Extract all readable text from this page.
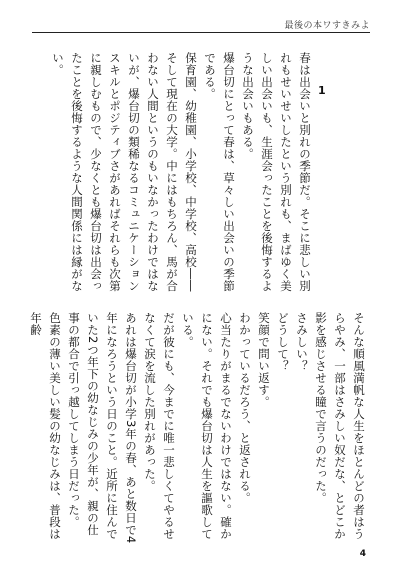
最後の本ワすきみよ
1

春は出会いと別れの季節だ。そこに悲しい別れもせいせいしたという別れも、まばゆく美しい出会いも、生涯会ったことを後悔するような出会いもある。

爆台切にとって春は、草々しい出会いの季節である。

保育園、幼稚園、小学校、中学校、高校――そして現在の大学。中にはもちろん、馬が合わない人間というのもいなかったわけではないが、爆台切の類稀なるコミュニケーションスキルとポジティブさがあればそれらも次第に親しむもので、少なくとも爆台切は出会ったことを後悔するような人間関係には縁がない。

そんな順風満帆な人生をほとんどの者はうらやみ、一部はさみしい奴だな、とどこか影を感じさせる瞳で言うのだった。

さみしい？

どうして？

笑顔で問い返す。

わかっているだろう、と返される。

心当たりがまるでないわけではない。確かにない。それでも爆台切は人生を謳歌している。

だが彼にも、今までに唯一悲しくてやるせなくて涙を流した別れがあった。

あれは爆台切が小学3年の春、あと数日で4年になろうという日のこと。近所に住んでいた2つ年下の幼なじみの少年が、親の仕事の都合で引っ越してしまう日だった。

色素の薄い美しい髪の幼なじみは、普段は年齢

4
